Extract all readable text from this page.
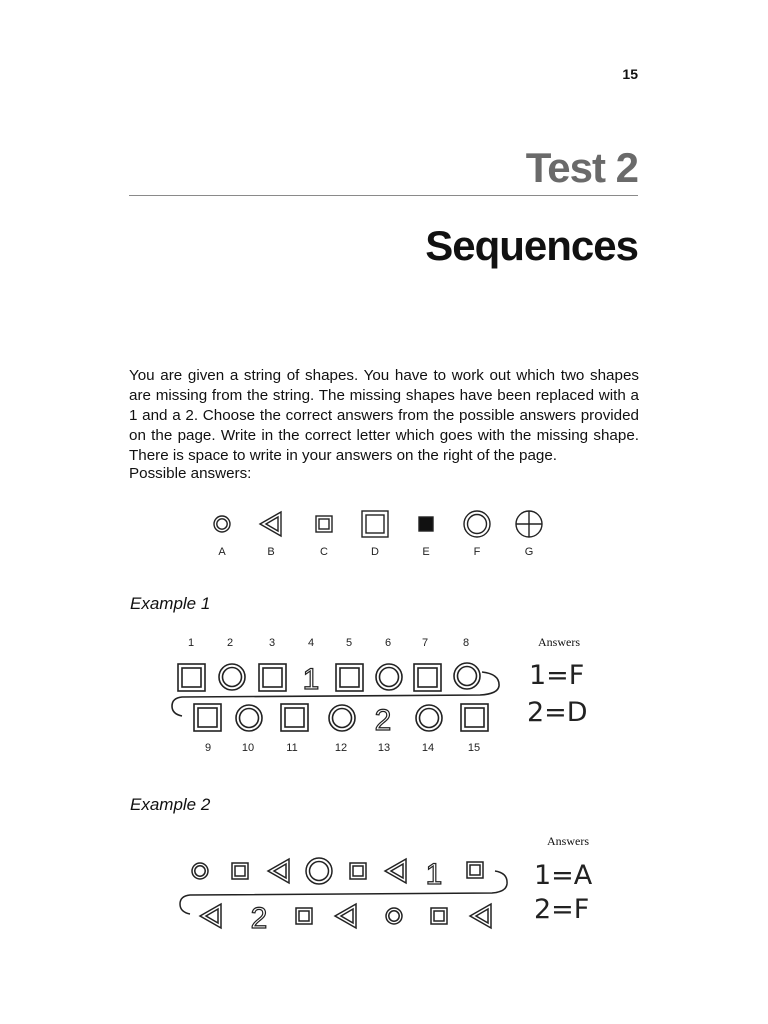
15
Test 2
Sequences
You are given a string of shapes. You have to work out which two shapes are missing from the string. The missing shapes have been replaced with a 1 and a 2. Choose the correct answers from the possible answers provided on the page. Write in the correct letter which goes with the missing shape. There is space to write in your answers on the right of the page.
Possible answers:
A	B	C	D	E	F	G
1	2	3	4	5	6	7	8
1
2
9	10	11	12	13	14	15
1
2
Example 1
Answers
1=F
2=D
Example 2
Answers
1=A
2=F
